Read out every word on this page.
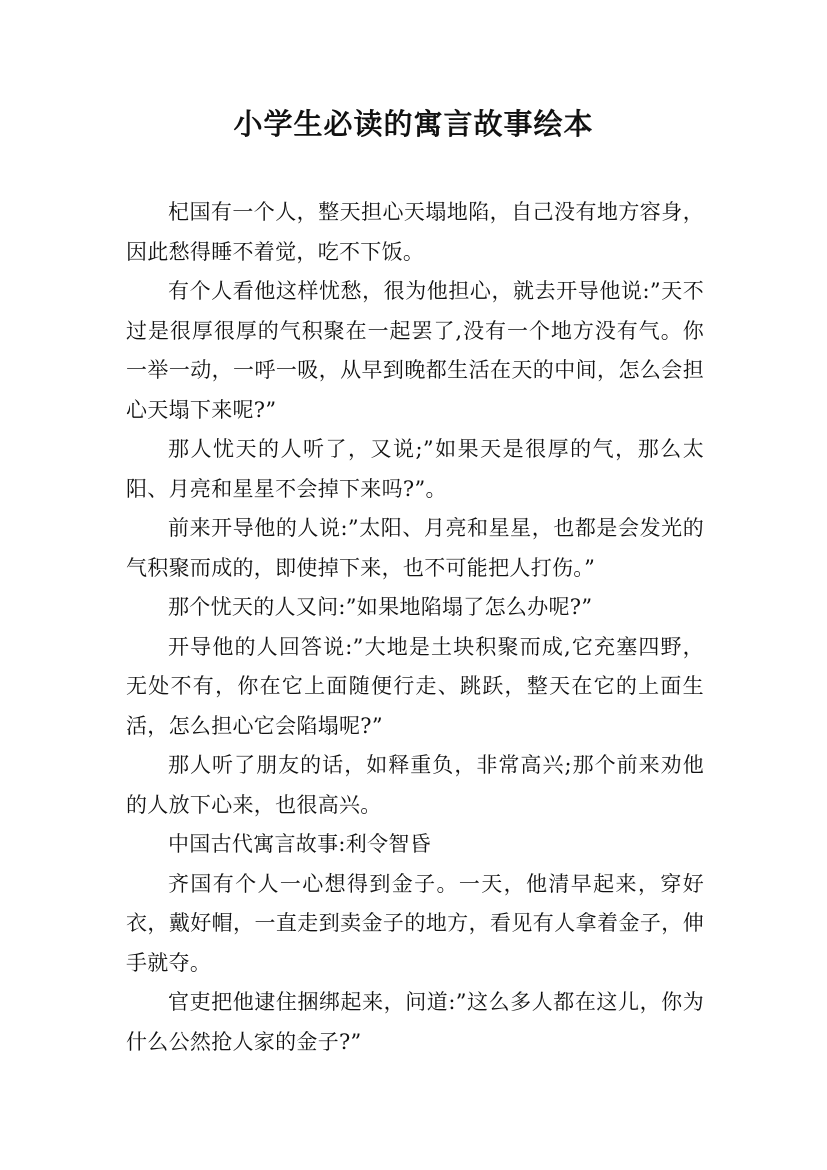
小学生必读的寓言故事绘本

杞国有一个人，整天担心天塌地陷，自己没有地方容身，因此愁得睡不着觉，吃不下饭。

有个人看他这样忧愁，很为他担心，就去开导他说:”天不过是很厚很厚的气积聚在一起罢了,没有一个地方没有气。你一举一动，一呼一吸，从早到晚都生活在天的中间，怎么会担心天塌下来呢?”

那人忧天的人听了，又说;”如果天是很厚的气，那么太阳、月亮和星星不会掉下来吗?”。

前来开导他的人说:”太阳、月亮和星星，也都是会发光的气积聚而成的，即使掉下来，也不可能把人打伤。”

那个忧天的人又问:”如果地陷塌了怎么办呢?”

开导他的人回答说:”大地是土块积聚而成,它充塞四野，无处不有，你在它上面随便行走、跳跃，整天在它的上面生活，怎么担心它会陷塌呢?”

那人听了朋友的话，如释重负，非常高兴;那个前来劝他的人放下心来，也很高兴。

中国古代寓言故事:利令智昏

齐国有个人一心想得到金子。一天，他清早起来，穿好衣，戴好帽，一直走到卖金子的地方，看见有人拿着金子，伸手就夺。

官吏把他逮住捆绑起来，问道:”这么多人都在这儿，你为什么公然抢人家的金子?”
